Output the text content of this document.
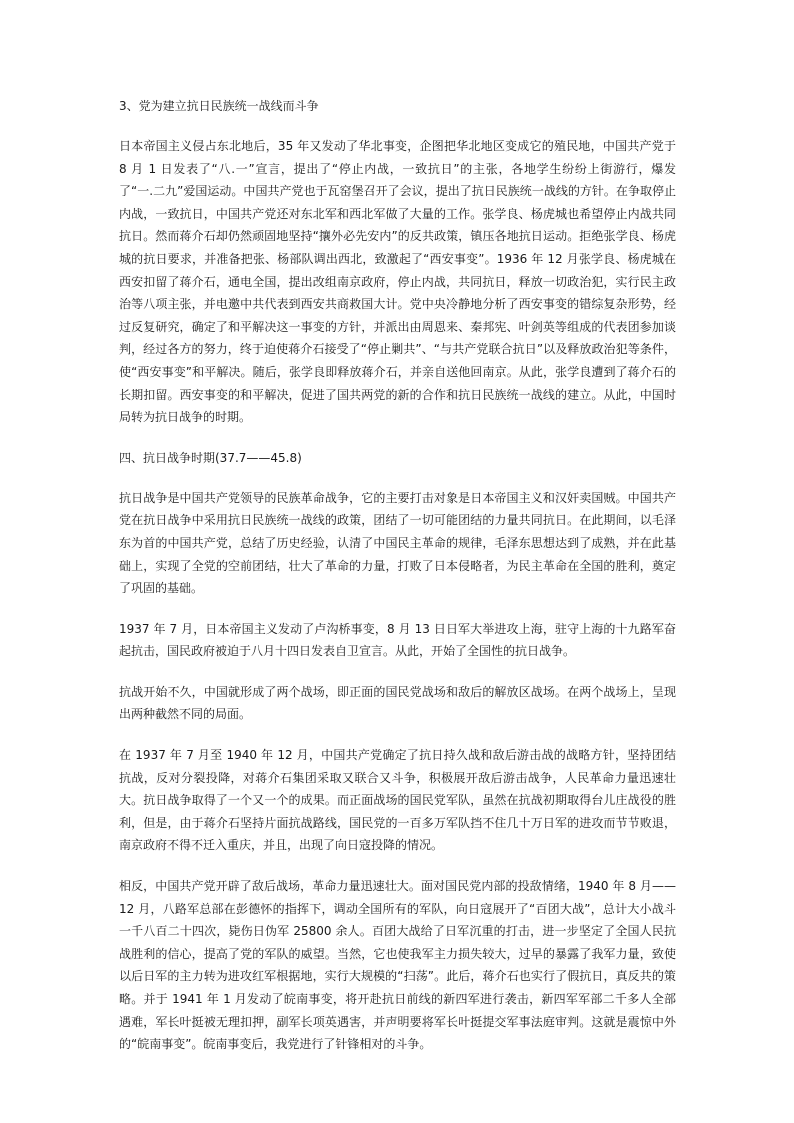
3、党为建立抗日民族统一战线而斗争

日本帝国主义侵占东北地后，35 年又发动了华北事变，企图把华北地区变成它的殖民地，中国共产党于 8 月 1 日发表了“八.一”宣言，提出了“停止内战，一致抗日”的主张，各地学生纷纷上街游行，爆发了“一.二九”爱国运动。中国共产党也于瓦窑堡召开了会议，提出了抗日民族统一战线的方针。在争取停止内战，一致抗日，中国共产党还对东北军和西北军做了大量的工作。张学良、杨虎城也希望停止内战共同抗日。然而蒋介石却仍然顽固地坚持“攘外必先安内”的反共政策，镇压各地抗日运动。拒绝张学良、杨虎城的抗日要求，并准备把张、杨部队调出西北，致激起了“西安事变”。1936 年 12 月张学良、杨虎城在西安扣留了蒋介石，通电全国，提出改组南京政府，停止内战，共同抗日，释放一切政治犯，实行民主政治等八项主张，并电邀中共代表到西安共商救国大计。党中央冷静地分析了西安事变的错综复杂形势，经过反复研究，确定了和平解决这一事变的方针，并派出由周恩来、秦邦宪、叶剑英等组成的代表团参加谈判，经过各方的努力，终于迫使蒋介石接受了“停止剿共”、“与共产党联合抗日”以及释放政治犯等条件，使“西安事变”和平解决。随后，张学良即释放蒋介石，并亲自送他回南京。从此，张学良遭到了蒋介石的长期扣留。西安事变的和平解决，促进了国共两党的新的合作和抗日民族统一战线的建立。从此，中国时局转为抗日战争的时期。

四、抗日战争时期(37.7——45.8)

抗日战争是中国共产党领导的民族革命战争，它的主要打击对象是日本帝国主义和汉奸卖国贼。中国共产党在抗日战争中采用抗日民族统一战线的政策，团结了一切可能团结的力量共同抗日。在此期间，以毛泽东为首的中国共产党，总结了历史经验，认清了中国民主革命的规律，毛泽东思想达到了成熟，并在此基础上，实现了全党的空前团结，壮大了革命的力量，打败了日本侵略者，为民主革命在全国的胜利，奠定了巩固的基础。

1937 年 7 月，日本帝国主义发动了卢沟桥事变，8 月 13 日日军大举进攻上海，驻守上海的十九路军奋起抗击，国民政府被迫于八月十四日发表自卫宣言。从此，开始了全国性的抗日战争。

抗战开始不久，中国就形成了两个战场，即正面的国民党战场和敌后的解放区战场。在两个战场上，呈现出两种截然不同的局面。

在 1937 年 7 月至 1940 年 12 月，中国共产党确定了抗日持久战和敌后游击战的战略方针，坚持团结抗战，反对分裂投降，对蒋介石集团采取又联合又斗争，积极展开敌后游击战争，人民革命力量迅速壮大。抗日战争取得了一个又一个的成果。而正面战场的国民党军队，虽然在抗战初期取得台儿庄战役的胜利，但是，由于蒋介石坚持片面抗战路线，国民党的一百多万军队挡不住几十万日军的进攻而节节败退，南京政府不得不迁入重庆，并且，出现了向日寇投降的情况。

相反，中国共产党开辟了敌后战场，革命力量迅速壮大。面对国民党内部的投敌情绪，1940 年 8 月——12 月，八路军总部在彭德怀的指挥下，调动全国所有的军队，向日寇展开了“百团大战”，总计大小战斗一千八百二十四次，毙伤日伪军 25800 余人。百团大战给了日军沉重的打击，进一步坚定了全国人民抗战胜利的信心，提高了党的军队的威望。当然，它也使我军主力损失较大，过早的暴露了我军力量，致使以后日军的主力转为进攻红军根据地，实行大规模的“扫荡”。此后，蒋介石也实行了假抗日，真反共的策略。并于 1941 年 1 月发动了皖南事变，将开赴抗日前线的新四军进行袭击，新四军军部二千多人全部遇难，军长叶挺被无理扣押，副军长项英遇害，并声明要将军长叶挺提交军事法庭审判。这就是震惊中外的“皖南事变”。皖南事变后，我党进行了针锋相对的斗争。
